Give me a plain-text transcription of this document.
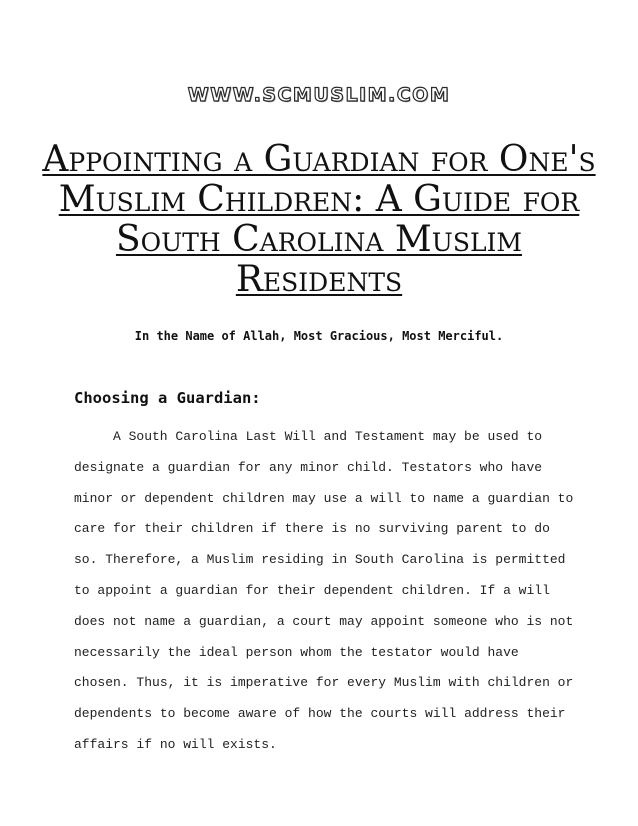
WWW.SCMUSLIM.COM
Appointing a Guardian for One's Muslim Children: A Guide for South Carolina Muslim Residents
In the Name of Allah, Most Gracious, Most Merciful.
Choosing a Guardian:
A South Carolina Last Will and Testament may be used to
designate a guardian for any minor child. Testators who have
minor or dependent children may use a will to name a guardian to
care for their children if there is no surviving parent to do
so. Therefore, a Muslim residing in South Carolina is permitted
to appoint a guardian for their dependent children. If a will
does not name a guardian, a court may appoint someone who is not
necessarily the ideal person whom the testator would have
chosen. Thus, it is imperative for every Muslim with children or
dependents to become aware of how the courts will address their
affairs if no will exists.
